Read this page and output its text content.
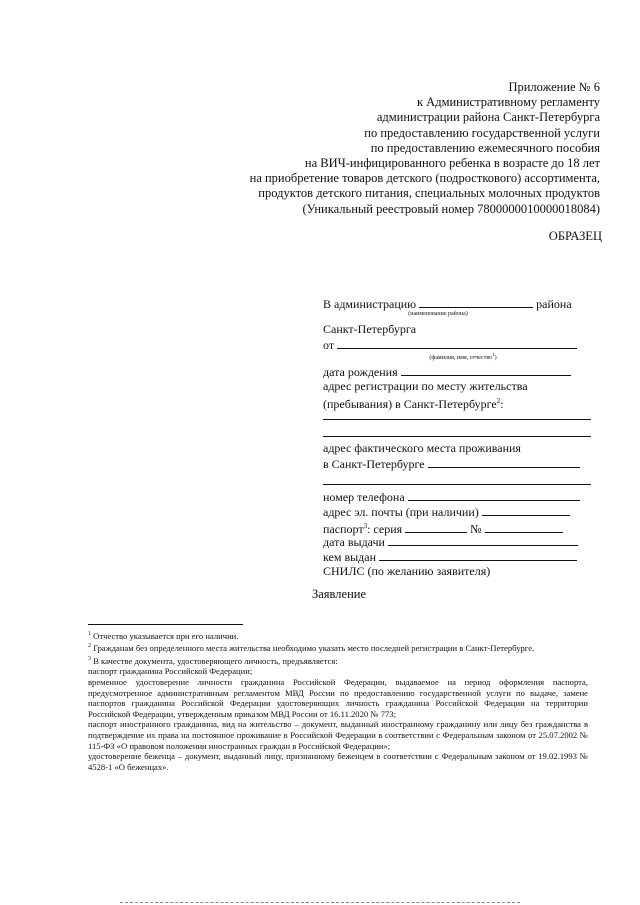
Приложение № 6
к Административному регламенту
администрации района Санкт-Петербурга
по предоставлению государственной услуги
по предоставлению ежемесячного пособия
на ВИЧ-инфицированного ребенка в возрасте до 18 лет
на приобретение товаров детского (подросткового) ассортимента,
продуктов детского питания, специальных молочных продуктов
(Уникальный реестровый номер 7800000010000018084)
ОБРАЗЕЦ
В администрацию	района
(наименование района)
Санкт-Петербурга
от
(фамилия, имя, отчество$^1$)
дата рождения
адрес регистрации по месту жительства
(пребывания) в Санкт-Петербурге$^2$:
адрес фактического места проживания
в Санкт-Петербурге
номер телефона
адрес эл. почты (при наличии)
паспорт$^3$: серия	№
дата выдачи
кем выдан
СНИЛС (по желанию заявителя)
Заявление

$^1$ Отчество указывается при его наличии.

$^2$ Гражданам без определенного места жительства необходимо указать место последней регистрации в Санкт-Петербурге.

$^3$ В качестве документа, удостоверяющего личность, предъявляется:

паспорт гражданина Российской Федерации;

временное удостоверение личности гражданина Российской Федерации, выдаваемое на период оформления паспорта, предусмотренное административным регламентом МВД России по предоставлению государственной услуги по выдаче, замене паспортов гражданина Российской Федерации удостоверяющих личность гражданина Российской Федерации на территории Российской Федерации, утвержденным приказом МВД России от 16.11.2020 № 773;

паспорт иностранного гражданина, вид на жительство – документ, выданный иностранному гражданину или лицу без гражданства в подтверждение их права на постоянное проживание в Российской Федерации в соответствии с Федеральным законом от 25.07.2002 № 115-ФЗ «О правовом положении иностранных граждан в Российской Федерации»;

удостоверение беженца – документ, выданный лицу, признанному беженцем в соответствии с Федеральным законом от 19.02.1993 № 4528-1 «О беженцах».
